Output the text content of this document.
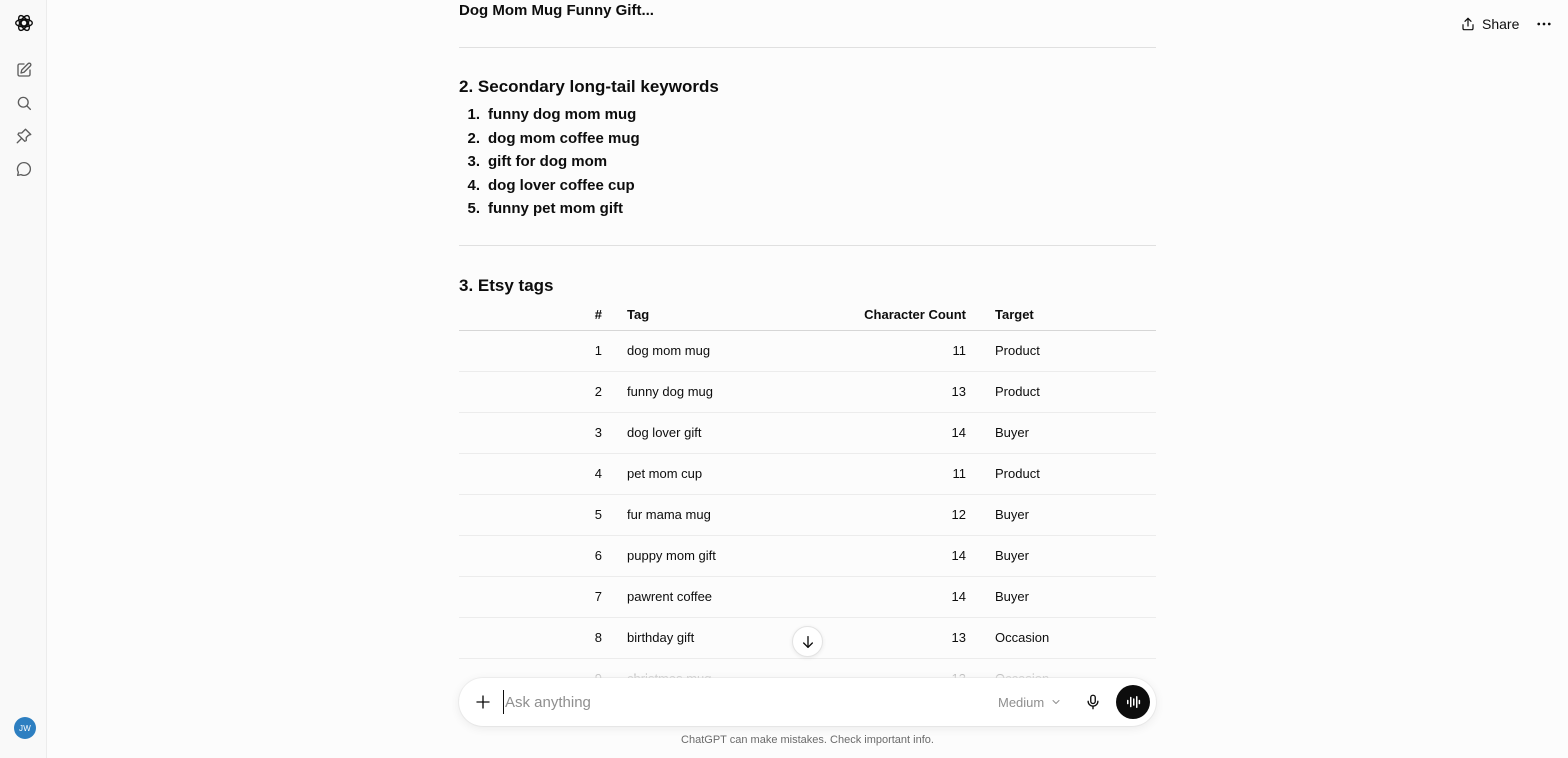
JW
Share
Dog Mom Mug Funny Gift...
2. Secondary long-tail keywords
1. funny dog mom mug
2. dog mom coffee mug
3. gift for dog mom
4. dog lover coffee cup
5. funny pet mom gift
3. Etsy tags
#	Tag	Character Count	Target
1	dog mom mug	11	Product
2	funny dog mug	13	Product
3	dog lover gift	14	Buyer
4	pet mom cup	11	Product
5	fur mama mug	12	Buyer
6	puppy mom gift	14	Buyer
7	pawrent coffee	14	Buyer
8	birthday gift	13	Occasion

Ask anything
Medium
ChatGPT can make mistakes. Check important info.
